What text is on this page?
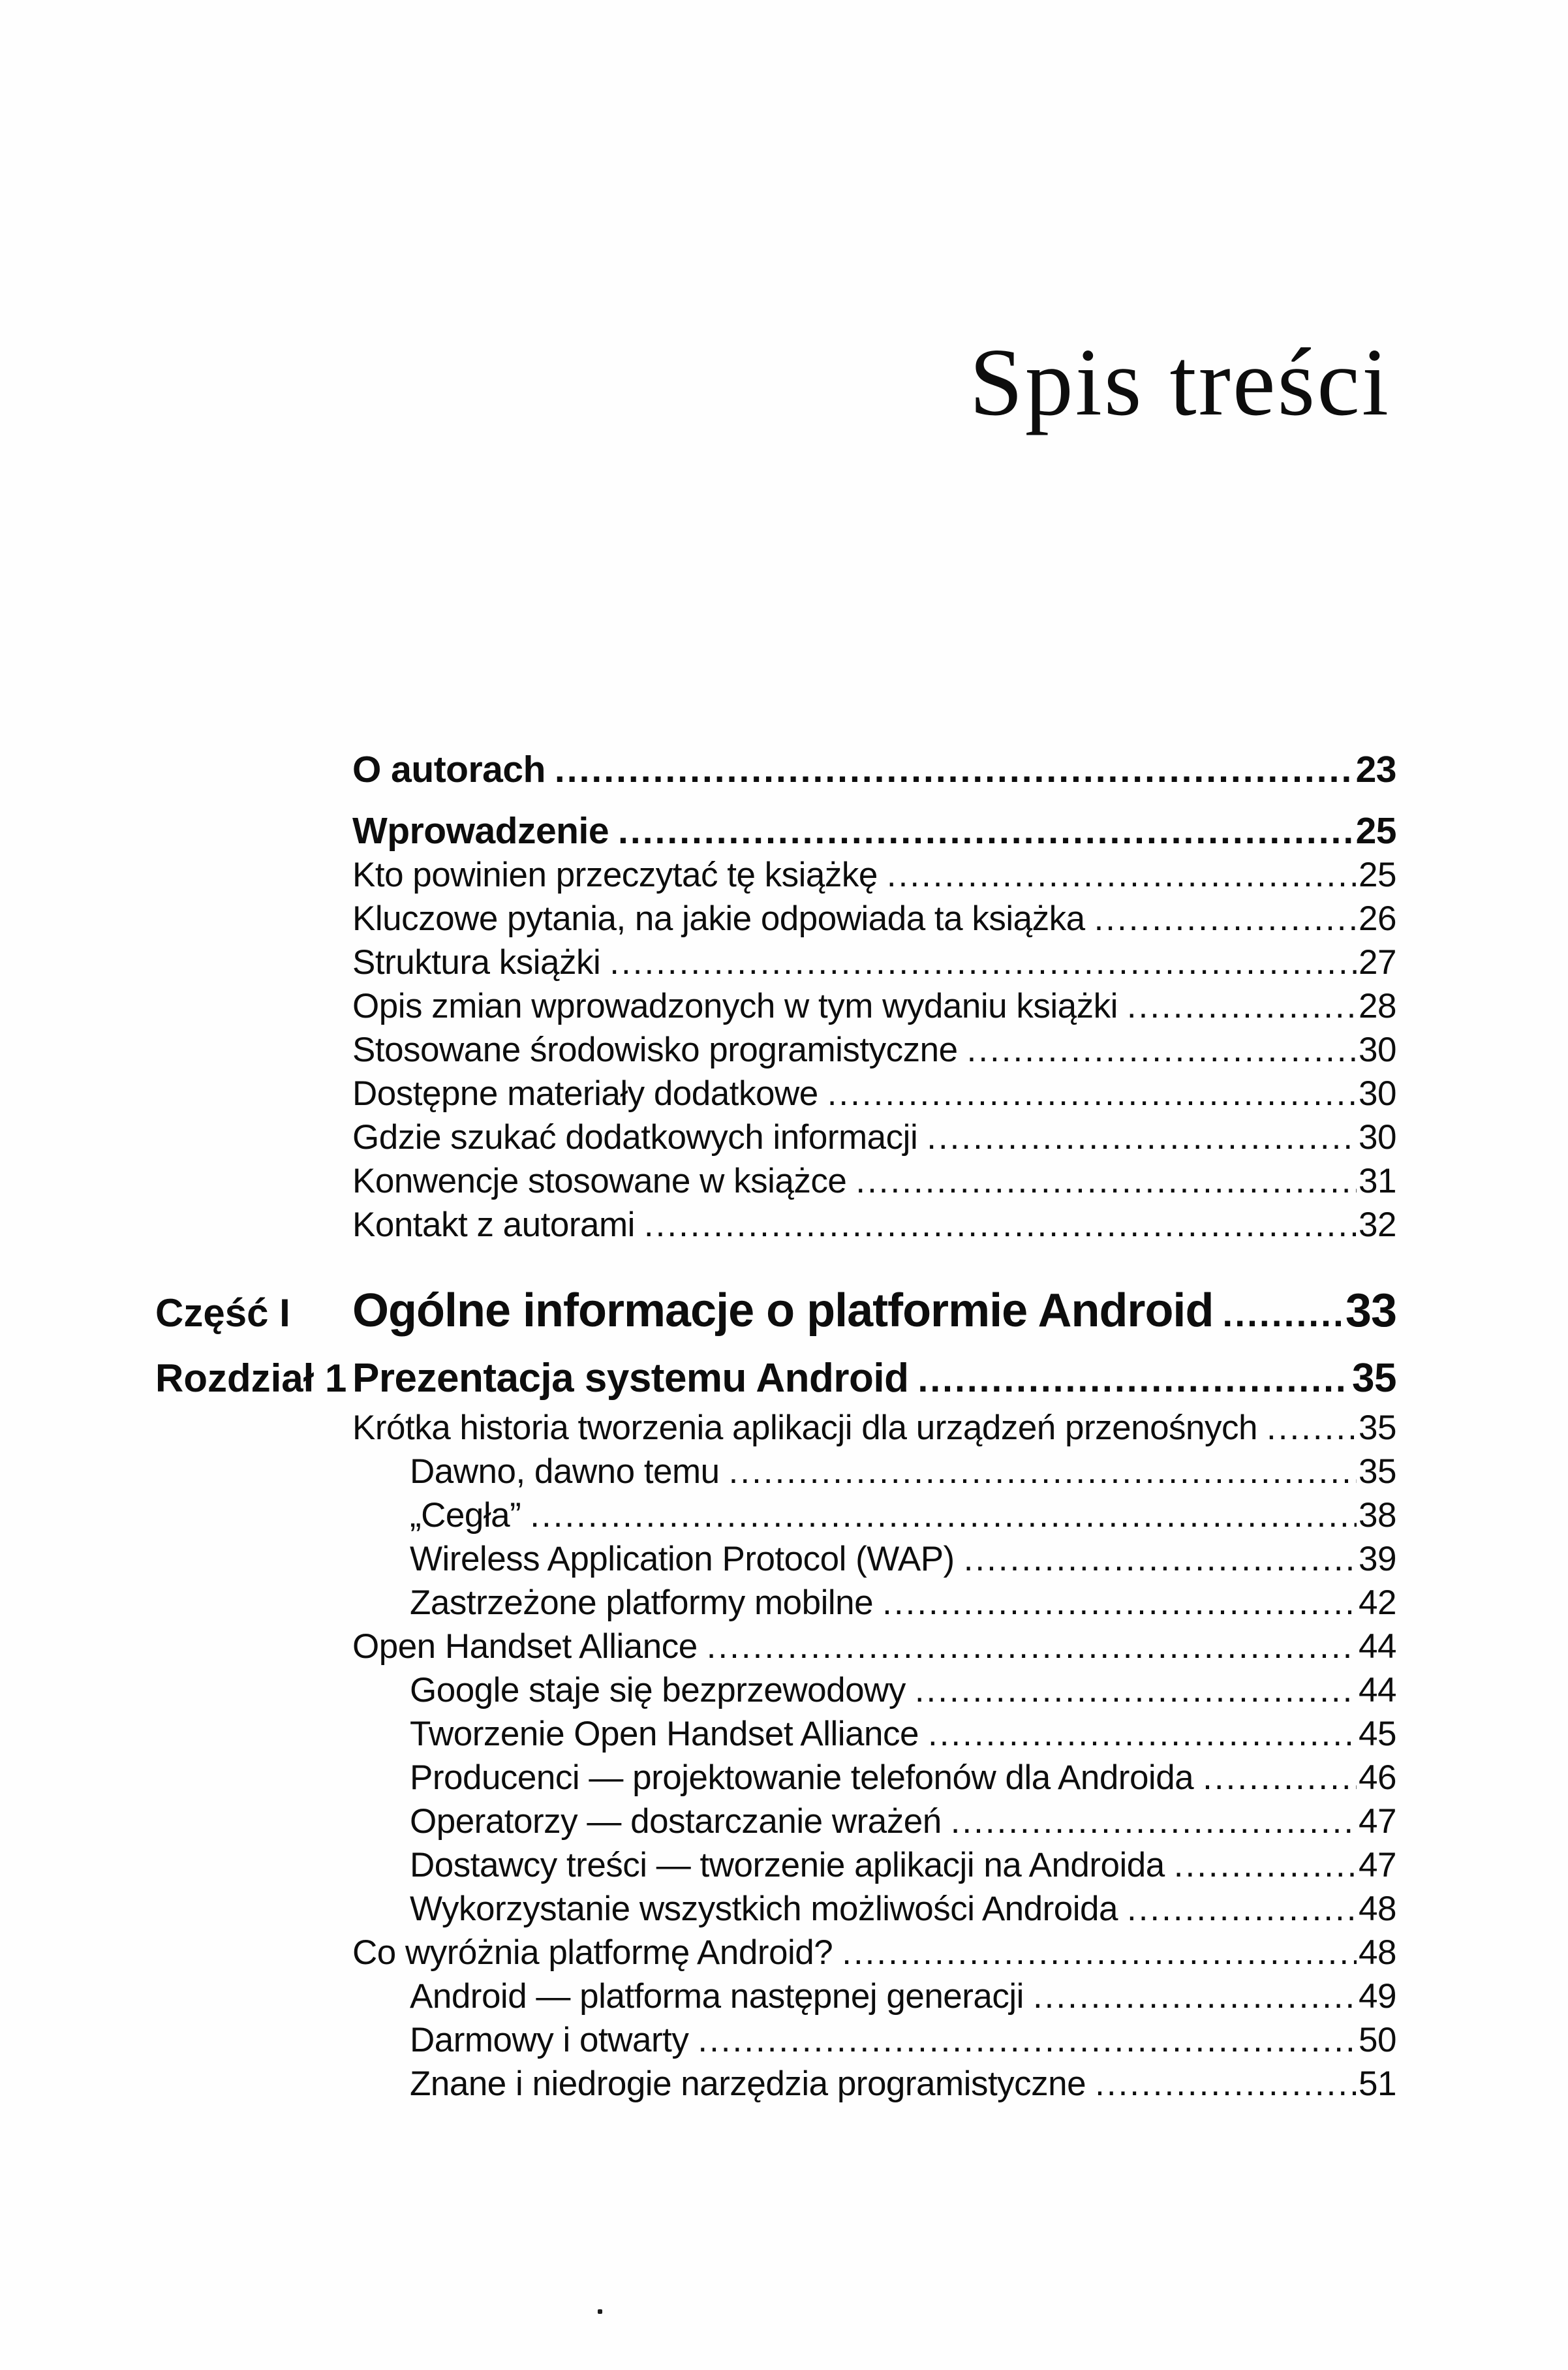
Spis treści
O autorach .....	23
Wprowadzenie .....	25
Kto powinien przeczytać tę książkę .....	25
Kluczowe pytania, na jakie odpowiada ta książka .....	26
Struktura książki .....	27
Opis zmian wprowadzonych w tym wydaniu książki .....	28
Stosowane środowisko programistyczne .....	30
Dostępne materiały dodatkowe .....	30
Gdzie szukać dodatkowych informacji .....	30
Konwencje stosowane w książce .....	31
Kontakt z autorami .....	32
Część I	Ogólne informacje o platformie Android .....	33
Rozdział 1 Prezentacja systemu Android .....	35
Krótka historia tworzenia aplikacji dla urządzeń przenośnych .....	35
Dawno, dawno temu .....	35
„Cegła” .....	38
Wireless Application Protocol (WAP) .....	39
Zastrzeżone platformy mobilne .....	42
Open Handset Alliance .....	44
Google staje się bezprzewodowy .....	44
Tworzenie Open Handset Alliance .....	45
Producenci — projektowanie telefonów dla Androida .....	46
Operatorzy — dostarczanie wrażeń .....	47
Dostawcy treści — tworzenie aplikacji na Androida .....	47
Wykorzystanie wszystkich możliwości Androida .....	48
Co wyróżnia platformę Android? .....	48
Android — platforma następnej generacji .....	49
Darmowy i otwarty .....	50
Znane i niedrogie narzędzia programistyczne .....	51
